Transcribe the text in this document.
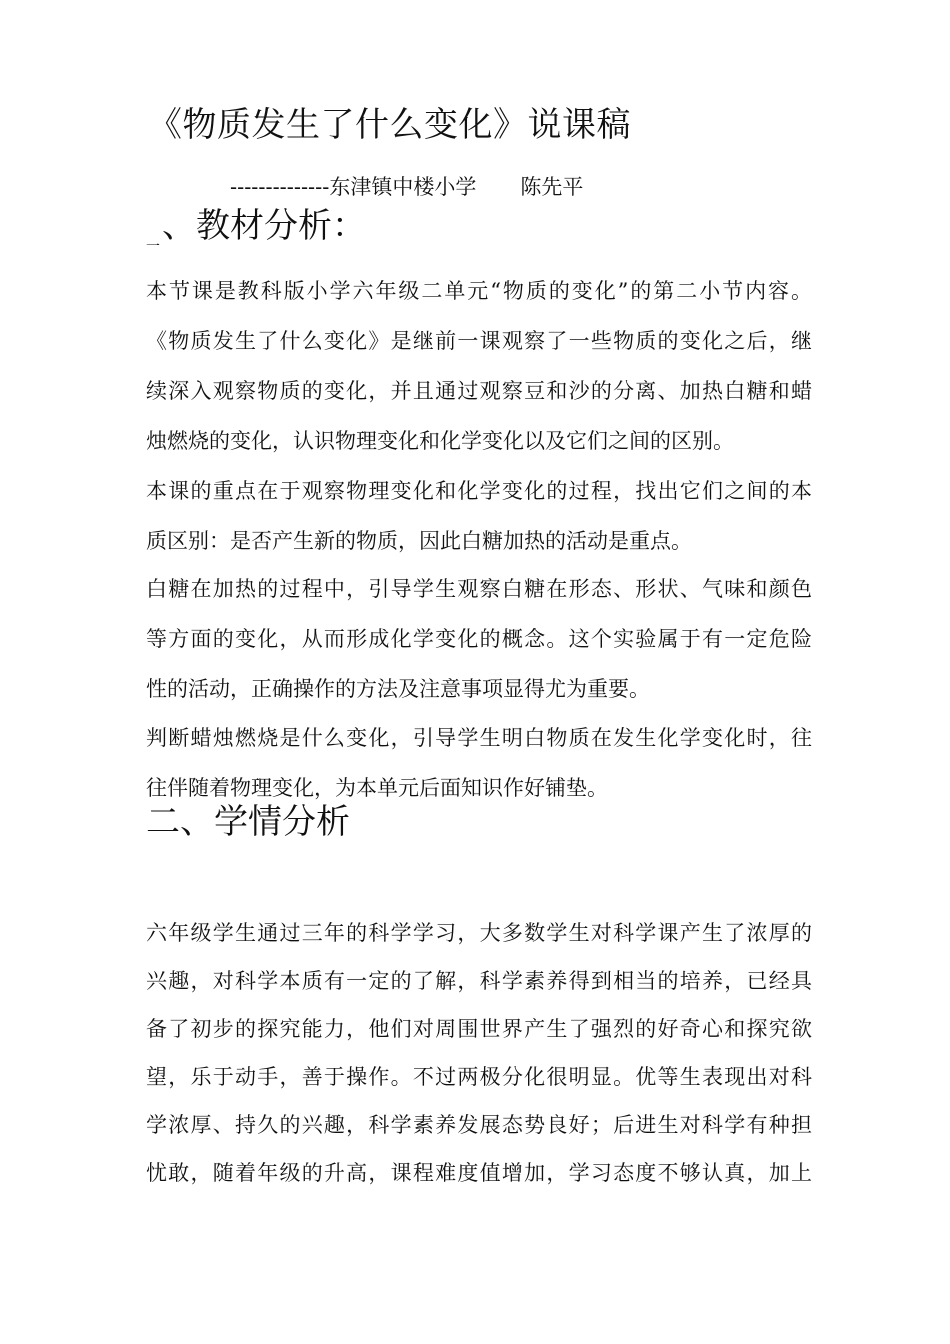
《物质发生了什么变化》说课稿
--------------东津镇中楼小学 陈先平
一、教材分析：
本节课是教科版小学六年级二单元“物质的变化”的第二小节内容。
《物质发生了什么变化》是继前一课观察了一些物质的变化之后，继
续深入观察物质的变化，并且通过观察豆和沙的分离、加热白糖和蜡
烛燃烧的变化，认识物理变化和化学变化以及它们之间的区别。
本课的重点在于观察物理变化和化学变化的过程，找出它们之间的本
质区别：是否产生新的物质，因此白糖加热的活动是重点。
白糖在加热的过程中，引导学生观察白糖在形态、形状、气味和颜色
等方面的变化，从而形成化学变化的概念。这个实验属于有一定危险
性的活动，正确操作的方法及注意事项显得尤为重要。
判断蜡烛燃烧是什么变化，引导学生明白物质在发生化学变化时，往
往伴随着物理变化，为本单元后面知识作好铺垫。
二、学情分析
六年级学生通过三年的科学学习，大多数学生对科学课产生了浓厚的
兴趣，对科学本质有一定的了解，科学素养得到相当的培养，已经具
备了初步的探究能力，他们对周围世界产生了强烈的好奇心和探究欲
望，乐于动手，善于操作。不过两极分化很明显。优等生表现出对科
学浓厚、持久的兴趣，科学素养发展态势良好；后进生对科学有种担
忧敢，随着年级的升高，课程难度值增加，学习态度不够认真，加上
